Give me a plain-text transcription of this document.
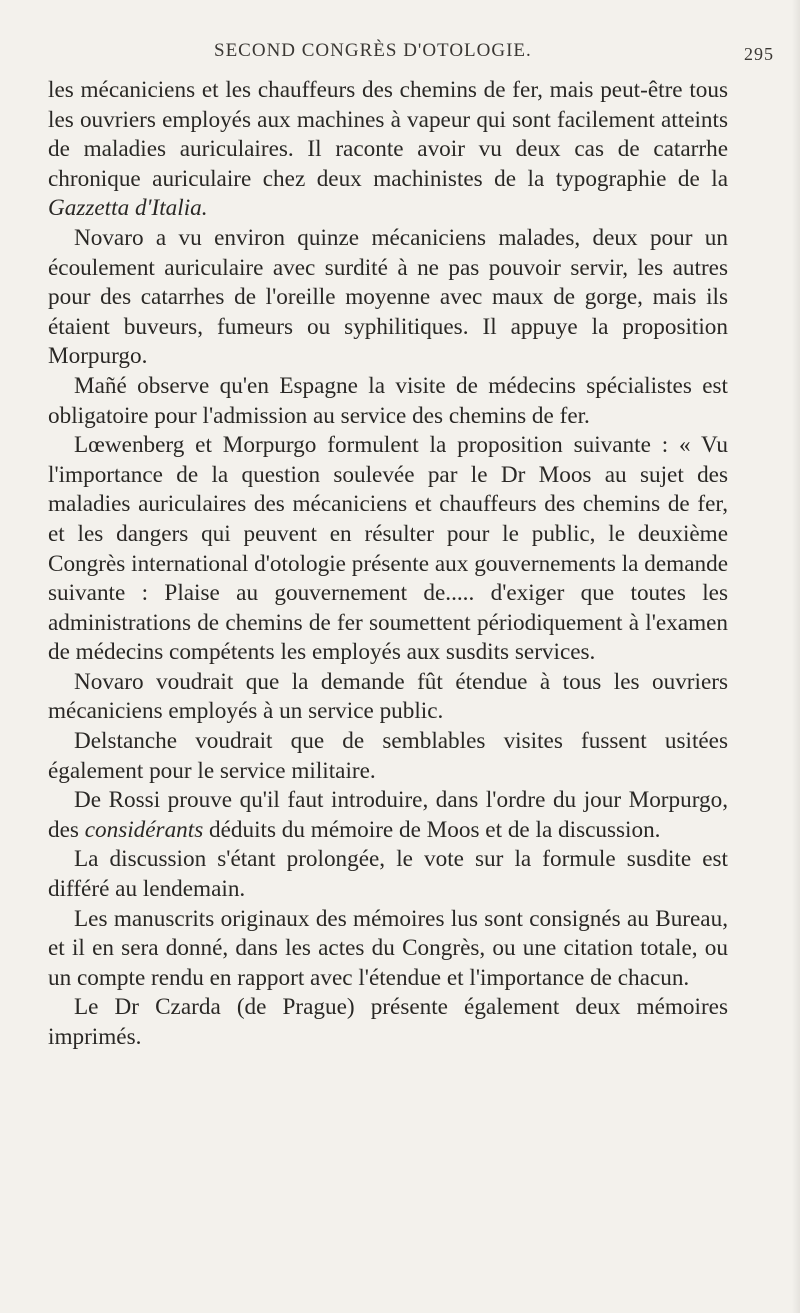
SECOND CONGRÈS D'OTOLOGIE.	295

les mécaniciens et les chauffeurs des chemins de fer, mais peut-être tous les ouvriers employés aux machines à vapeur qui sont facilement atteints de maladies auriculaires. Il raconte avoir vu deux cas de catarrhe chronique auriculaire chez deux machinistes de la typographie de la Gazzetta d'Italia.

Novaro a vu environ quinze mécaniciens malades, deux pour un écoulement auriculaire avec surdité à ne pas pouvoir servir, les autres pour des catarrhes de l'oreille moyenne avec maux de gorge, mais ils étaient buveurs, fumeurs ou syphilitiques. Il appuye la proposition Morpurgo.

Mañé observe qu'en Espagne la visite de médecins spécialistes est obligatoire pour l'admission au service des chemins de fer.

Lœwenberg et Morpurgo formulent la proposition suivante : « Vu l'importance de la question soulevée par le Dr Moos au sujet des maladies auriculaires des mécaniciens et chauffeurs des chemins de fer, et les dangers qui peuvent en résulter pour le public, le deuxième Congrès international d'otologie présente aux gouvernements la demande suivante : Plaise au gouvernement de..... d'exiger que toutes les administrations de chemins de fer soumettent périodiquement à l'examen de médecins compétents les employés aux susdits services.

Novaro voudrait que la demande fût étendue à tous les ouvriers mécaniciens employés à un service public.

Delstanche voudrait que de semblables visites fussent usitées également pour le service militaire.

De Rossi prouve qu'il faut introduire, dans l'ordre du jour Morpurgo, des considérants déduits du mémoire de Moos et de la discussion.

La discussion s'étant prolongée, le vote sur la formule susdite est différé au lendemain.

Les manuscrits originaux des mémoires lus sont consignés au Bureau, et il en sera donné, dans les actes du Congrès, ou une citation totale, ou un compte rendu en rapport avec l'étendue et l'importance de chacun.

Le Dr Czarda (de Prague) présente également deux mémoires imprimés.
